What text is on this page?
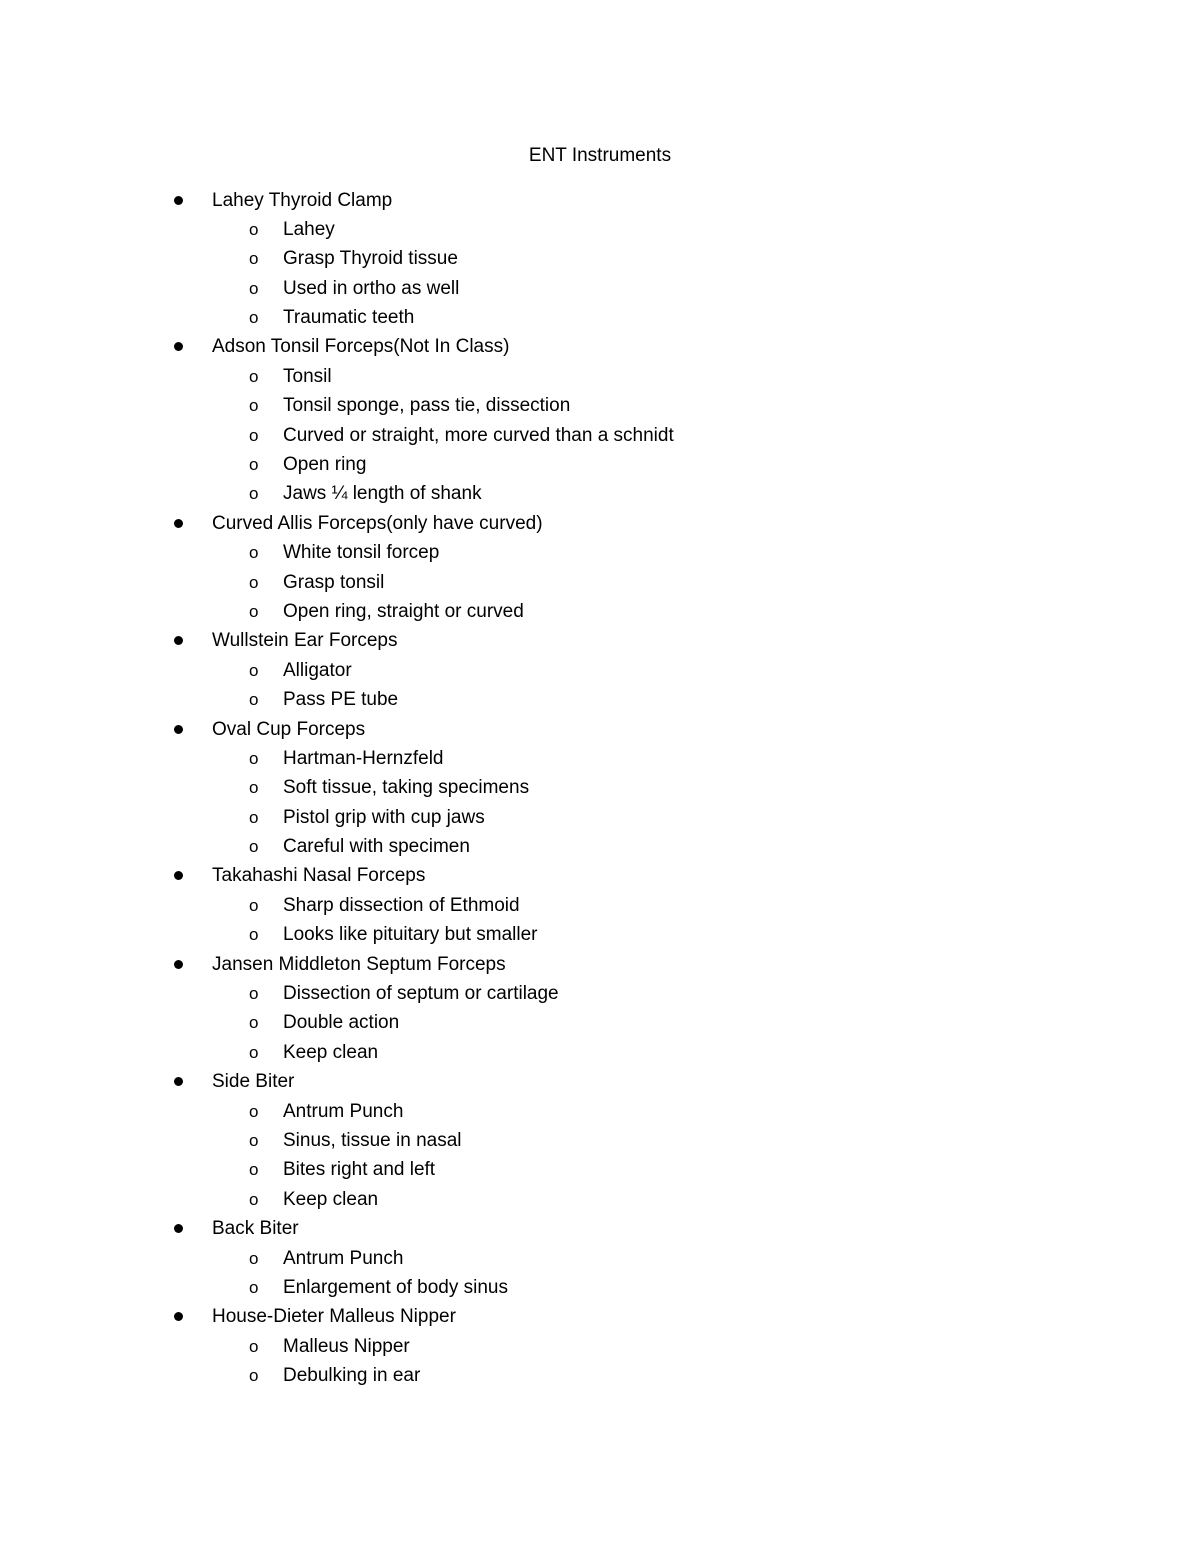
ENT Instruments
Lahey Thyroid Clamp
o Lahey
o Grasp Thyroid tissue
o Used in ortho as well
o Traumatic teeth
Adson Tonsil Forceps(Not In Class)
o Tonsil
o Tonsil sponge, pass tie, dissection
o Curved or straight, more curved than a schnidt
o Open ring
o Jaws ¼ length of shank
Curved Allis Forceps(only have curved)
o White tonsil forcep
o Grasp tonsil
o Open ring, straight or curved
Wullstein Ear Forceps
o Alligator
o Pass PE tube
Oval Cup Forceps
o Hartman-Hernzfeld
o Soft tissue, taking specimens
o Pistol grip with cup jaws
o Careful with specimen
Takahashi Nasal Forceps
o Sharp dissection of Ethmoid
o Looks like pituitary but smaller
Jansen Middleton Septum Forceps
o Dissection of septum or cartilage
o Double action
o Keep clean
Side Biter
o Antrum Punch
o Sinus, tissue in nasal
o Bites right and left
o Keep clean
Back Biter
o Antrum Punch
o Enlargement of body sinus
House-Dieter Malleus Nipper
o Malleus Nipper
o Debulking in ear
